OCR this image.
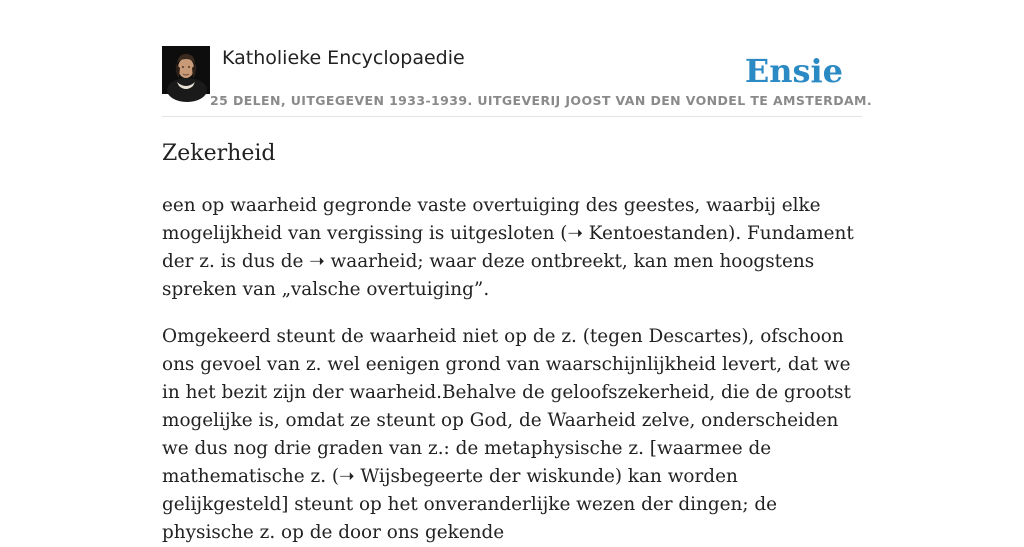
Katholieke Encyclopaedie
25 DELEN, UITGEGEVEN 1933-1939. UITGEVERIJ JOOST VAN DEN VONDEL TE AMSTERDAM.
Ensie
Zekerheid

een op waarheid gegronde vaste overtuiging des geestes, waarbij elke mogelijkheid van vergissing is uitgesloten (➝ Kentoestanden). Fundament der z. is dus de ➝ waarheid; waar deze ontbreekt, kan men hoogstens spreken van „valsche overtuiging”.

Omgekeerd steunt de waarheid niet op de z. (tegen Descartes), ofschoon ons gevoel van z. wel eenigen grond van waarschijnlijkheid levert, dat we in het bezit zijn der waarheid.Behalve de geloofszekerheid, die de grootst mogelijke is, omdat ze steunt op God, de Waarheid zelve, onderscheiden we dus nog drie graden van z.: de metaphysische z. [waarmee de mathematische z. (➝ Wijsbegeerte der wiskunde) kan worden gelijkgesteld] steunt op het onveranderlijke wezen der dingen; de physische z. op de door ons gekende
